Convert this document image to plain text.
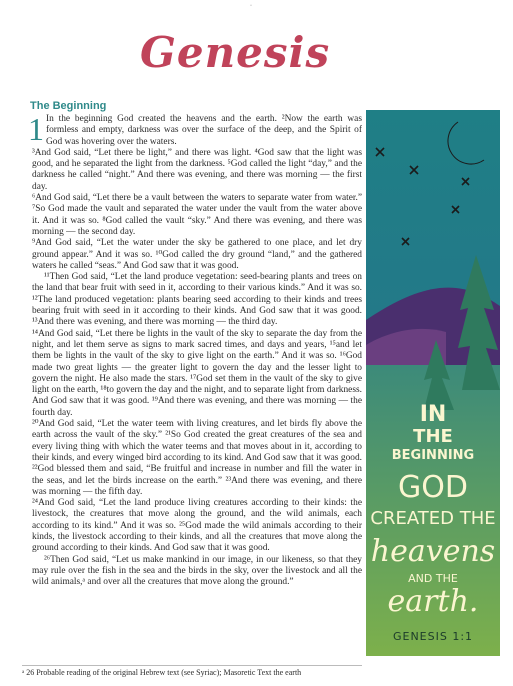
·
Genesis
The Beginning
1 In the beginning God created the heavens and the earth. ²Now the earth was formless and empty, darkness was over the surface of the deep, and the Spirit of God was hovering over the waters.

³And God said, “Let there be light,” and there was light. ⁴God saw that the light was good, and he separated the light from the darkness. ⁵God called the light “day,” and the darkness he called “night.” And there was evening, and there was morning — the first day.

⁶And God said, “Let there be a vault between the waters to separate water from water.” ⁷So God made the vault and separated the water under the vault from the water above it. And it was so. ⁸God called the vault “sky.” And there was evening, and there was morning — the second day.

⁹And God said, “Let the water under the sky be gathered to one place, and let dry ground appear.” And it was so. ¹⁰God called the dry ground “land,” and the gathered waters he called “seas.” And God saw that it was good.

¹¹Then God said, “Let the land produce vegetation: seed-bearing plants and trees on the land that bear fruit with seed in it, according to their various kinds.” And it was so. ¹²The land produced vegetation: plants bearing seed according to their kinds and trees bearing fruit with seed in it according to their kinds. And God saw that it was good. ¹³And there was evening, and there was morning — the third day.

¹⁴And God said, “Let there be lights in the vault of the sky to separate the day from the night, and let them serve as signs to mark sacred times, and days and years, ¹⁵and let them be lights in the vault of the sky to give light on the earth.” And it was so. ¹⁶God made two great lights — the greater light to govern the day and the lesser light to govern the night. He also made the stars. ¹⁷God set them in the vault of the sky to give light on the earth, ¹⁸to govern the day and the night, and to separate light from darkness. And God saw that it was good. ¹⁹And there was evening, and there was morning — the fourth day.

²⁰And God said, “Let the water teem with living creatures, and let birds fly above the earth across the vault of the sky.” ²¹So God created the great creatures of the sea and every living thing with which the water teems and that moves about in it, according to their kinds, and every winged bird according to its kind. And God saw that it was good. ²²God blessed them and said, “Be fruitful and increase in number and fill the water in the seas, and let the birds increase on the earth.” ²³And there was evening, and there was morning — the fifth day.

²⁴And God said, “Let the land produce living creatures according to their kinds: the livestock, the creatures that move along the ground, and the wild animals, each according to its kind.” And it was so. ²⁵God made the wild animals according to their kinds, the livestock according to their kinds, and all the creatures that move along the ground according to their kinds. And God saw that it was good.

²⁶Then God said, “Let us make mankind in our image, in our likeness, so that they may rule over the fish in the sea and the birds in the sky, over the livestock and all the wild animals,ᵃ and over all the creatures that move along the ground.”

IN
THE
BEGINNING
GOD
CREATED THE
heavens
AND THE
earth.
GENESIS 1:1
ᵃ 26 Probable reading of the original Hebrew text (see Syriac); Masoretic Text the earth
